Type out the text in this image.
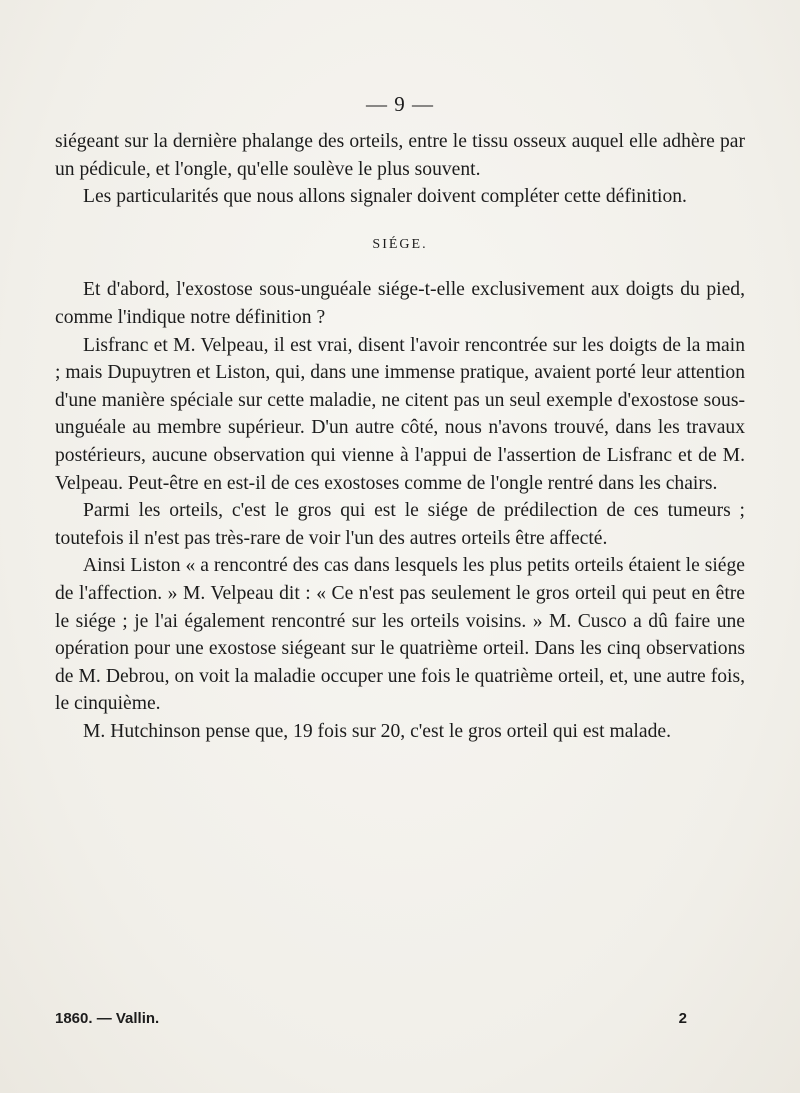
— 9 —

siégeant sur la dernière phalange des orteils, entre le tissu osseux auquel elle adhère par un pédicule, et l'ongle, qu'elle soulève le plus souvent.

Les particularités que nous allons signaler doivent compléter cette définition.

SIÉGE.

Et d'abord, l'exostose sous-unguéale siége-t-elle exclusivement aux doigts du pied, comme l'indique notre définition ?

Lisfranc et M. Velpeau, il est vrai, disent l'avoir rencontrée sur les doigts de la main ; mais Dupuytren et Liston, qui, dans une immense pratique, avaient porté leur attention d'une manière spéciale sur cette maladie, ne citent pas un seul exemple d'exostose sous-unguéale au membre supérieur. D'un autre côté, nous n'avons trouvé, dans les travaux postérieurs, aucune observation qui vienne à l'appui de l'assertion de Lisfranc et de M. Velpeau. Peut-être en est-il de ces exostoses comme de l'ongle rentré dans les chairs.

Parmi les orteils, c'est le gros qui est le siége de prédilection de ces tumeurs ; toutefois il n'est pas très-rare de voir l'un des autres orteils être affecté.

Ainsi Liston « a rencontré des cas dans lesquels les plus petits orteils étaient le siége de l'affection. » M. Velpeau dit : « Ce n'est pas seulement le gros orteil qui peut en être le siége ; je l'ai également rencontré sur les orteils voisins. » M. Cusco a dû faire une opération pour une exostose siégeant sur le quatrième orteil. Dans les cinq observations de M. Debrou, on voit la maladie occuper une fois le quatrième orteil, et, une autre fois, le cinquième.

M. Hutchinson pense que, 19 fois sur 20, c'est le gros orteil qui est malade.

1860. — Vallin.	2
